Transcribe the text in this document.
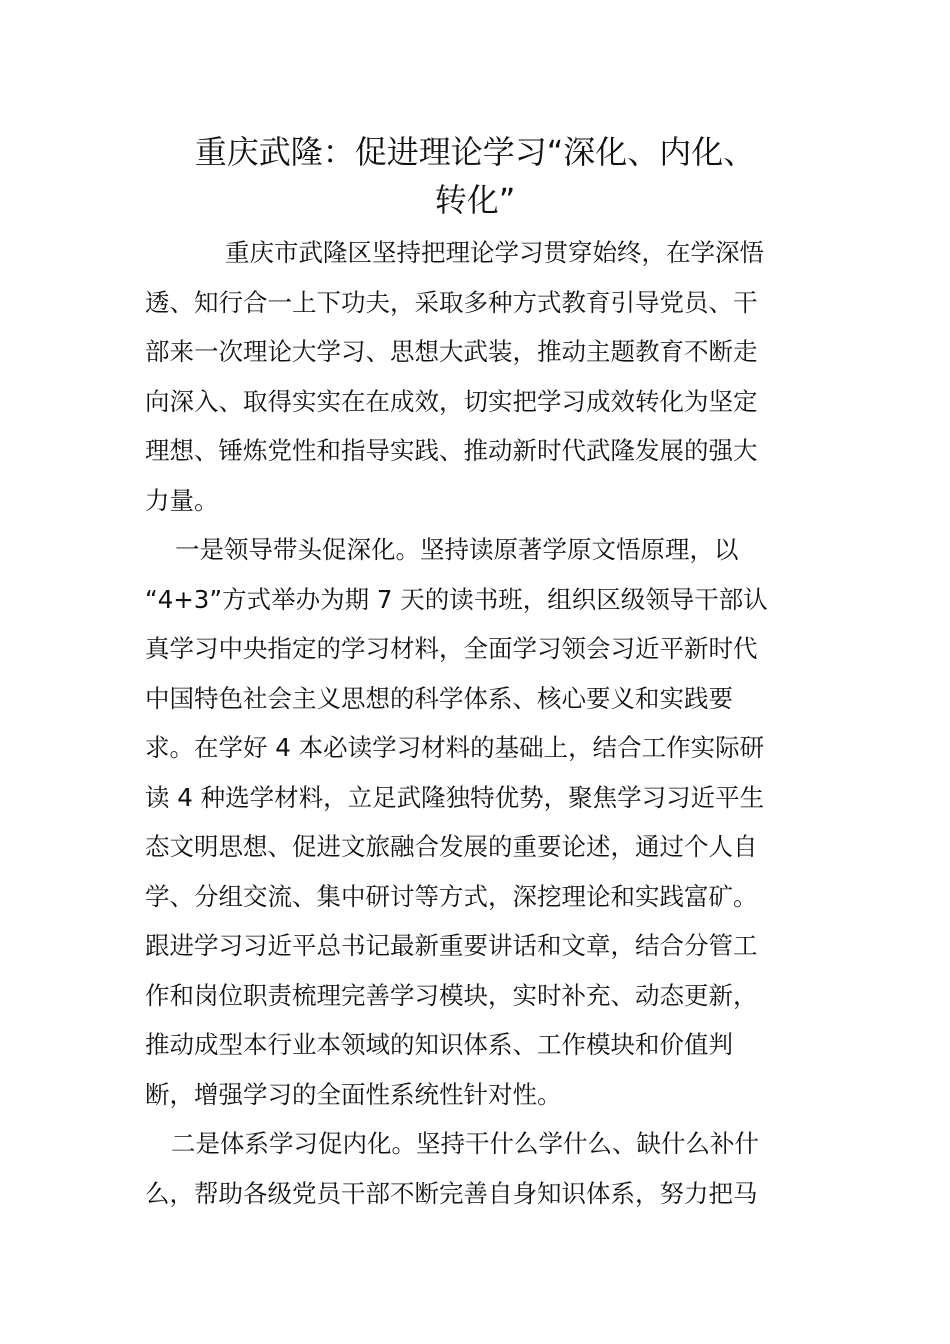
重庆武隆：促进理论学习“深化、内化、
转化”
重庆市武隆区坚持把理论学习贯穿始终，在学深悟
透、知行合一上下功夫，采取多种方式教育引导党员、干
部来一次理论大学习、思想大武装，推动主题教育不断走
向深入、取得实实在在成效，切实把学习成效转化为坚定
理想、锤炼党性和指导实践、推动新时代武隆发展的强大
力量。
一是领导带头促深化。坚持读原著学原文悟原理，以
“4+3”方式举办为期 7 天的读书班，组织区级领导干部认
真学习中央指定的学习材料，全面学习领会习近平新时代
中国特色社会主义思想的科学体系、核心要义和实践要
求。在学好 4 本必读学习材料的基础上，结合工作实际研
读 4 种选学材料，立足武隆独特优势，聚焦学习习近平生
态文明思想、促进文旅融合发展的重要论述，通过个人自
学、分组交流、集中研讨等方式，深挖理论和实践富矿。
跟进学习习近平总书记最新重要讲话和文章，结合分管工
作和岗位职责梳理完善学习模块，实时补充、动态更新，
推动成型本行业本领域的知识体系、工作模块和价值判
断，增强学习的全面性系统性针对性。
二是体系学习促内化。坚持干什么学什么、缺什么补什
么，帮助各级党员干部不断完善自身知识体系，努力把马
